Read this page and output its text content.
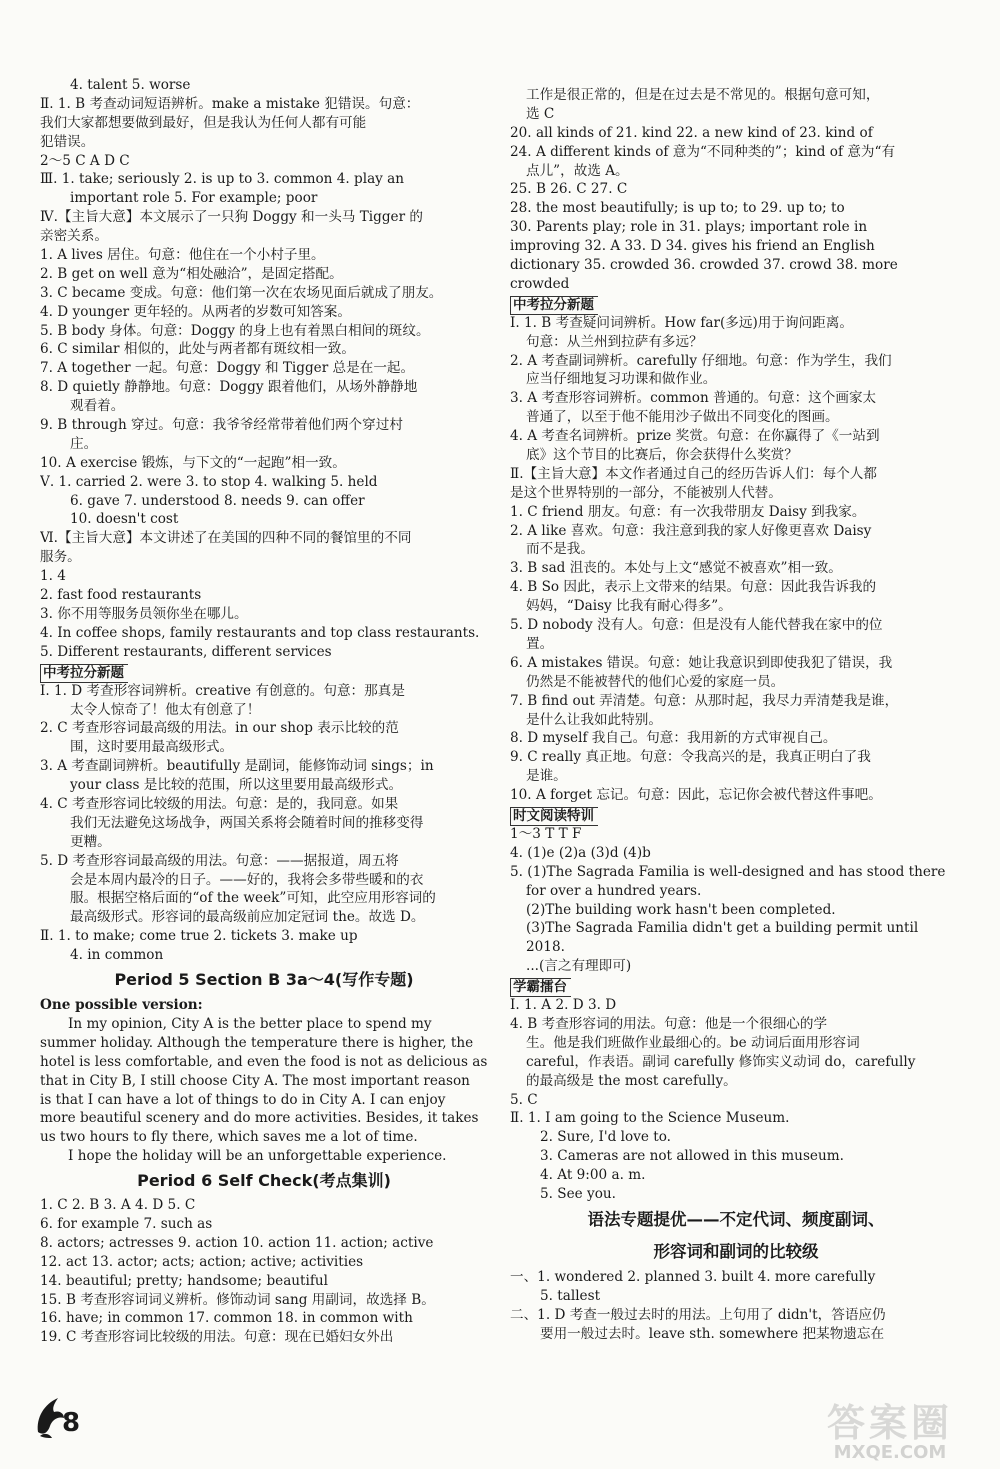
4. talent 5. worse
Ⅱ. 1. B 考查动词短语辨析。make a mistake 犯错误。句意：
我们大家都想要做到最好，但是我认为任何人都有可能
犯错误。
2～5 C A D C
Ⅲ. 1. take; seriously 2. is up to 3. common 4. play an
important role 5. For example; poor
Ⅳ.【主旨大意】本文展示了一只狗 Doggy 和一头马 Tigger 的
亲密关系。
1. A lives 居住。句意：他住在一个小村子里。
2. B get on well 意为“相处融洽”，是固定搭配。
3. C became 变成。句意：他们第一次在农场见面后就成了朋友。
4. D younger 更年轻的。从两者的岁数可知答案。
5. B body 身体。句意：Doggy 的身上也有着黑白相间的斑纹。
6. C similar 相似的，此处与两者都有斑纹相一致。
7. A together 一起。句意：Doggy 和 Tigger 总是在一起。
8. D quietly 静静地。句意：Doggy 跟着他们，从场外静静地
观看着。
9. B through 穿过。句意：我爷爷经常带着他们两个穿过村
庄。
10. A exercise 锻炼，与下文的“一起跑”相一致。
Ⅴ. 1. carried 2. were 3. to stop 4. walking 5. held
6. gave 7. understood 8. needs 9. can offer
10. doesn't cost
Ⅵ.【主旨大意】本文讲述了在美国的四种不同的餐馆里的不同
服务。
1. 4
2. fast food restaurants
3. 你不用等服务员领你坐在哪儿。
4. In coffee shops, family restaurants and top class restaurants.
5. Different restaurants, different services
中考拉分新题
Ⅰ. 1. D 考查形容词辨析。creative 有创意的。句意：那真是
太令人惊奇了！他太有创意了！
2. C 考查形容词最高级的用法。in our shop 表示比较的范
围，这时要用最高级形式。
3. A 考查副词辨析。beautifully 是副词，能修饰动词 sings；in
your class 是比较的范围，所以这里要用最高级形式。
4. C 考查形容词比较级的用法。句意：是的，我同意。如果
我们无法避免这场战争，两国关系将会随着时间的推移变得
更糟。
5. D 考查形容词最高级的用法。句意：——据报道，周五将
会是本周内最冷的日子。——好的，我将会多带些暖和的衣
服。根据空格后面的“of the week”可知，此空应用形容词的
最高级形式。形容词的最高级前应加定冠词 the。故选 D。
Ⅱ. 1. to make; come true 2. tickets 3. make up
4. in common
Period 5 Section B 3a～4(写作专题)
One possible version:
In my opinion, City A is the better place to spend my
summer holiday. Although the temperature there is higher, the
hotel is less comfortable, and even the food is not as delicious as
that in City B, I still choose City A. The most important reason
is that I can have a lot of things to do in City A. I can enjoy
more beautiful scenery and do more activities. Besides, it takes
us two hours to fly there, which saves me a lot of time.
I hope the holiday will be an unforgettable experience.
Period 6 Self Check(考点集训)
1. C 2. B 3. A 4. D 5. C
6. for example 7. such as
8. actors; actresses 9. action 10. action 11. action; active
12. act 13. actor; acts; action; active; activities
14. beautiful; pretty; handsome; beautiful
15. B 考查形容词词义辨析。修饰动词 sang 用副词，故选择 B。
16. have; in common 17. common 18. in common with
19. C 考查形容词比较级的用法。句意：现在已婚妇女外出
工作是很正常的，但是在过去是不常见的。根据句意可知，
选 C
20. all kinds of 21. kind 22. a new kind of 23. kind of
24. A different kinds of 意为“不同种类的”；kind of 意为“有
点儿”，故选 A。
25. B 26. C 27. C
28. the most beautifully; is up to; to 29. up to; to
30. Parents play; role in 31. plays; important role in
improving 32. A 33. D 34. gives his friend an English
dictionary 35. crowded 36. crowded 37. crowd 38. more
crowded
中考拉分新题
Ⅰ. 1. B 考查疑问词辨析。How far(多远)用于询问距离。
句意：从兰州到拉萨有多远？
2. A 考查副词辨析。carefully 仔细地。句意：作为学生，我们
应当仔细地复习功课和做作业。
3. A 考查形容词辨析。common 普通的。句意：这个画家太
普通了，以至于他不能用沙子做出不同变化的图画。
4. A 考查名词辨析。prize 奖赏。句意：在你赢得了《一站到
底》这个节目的比赛后，你会获得什么奖赏？
Ⅱ.【主旨大意】本文作者通过自己的经历告诉人们：每个人都
是这个世界特别的一部分，不能被别人代替。
1. C friend 朋友。句意：有一次我带朋友 Daisy 到我家。
2. A like 喜欢。句意：我注意到我的家人好像更喜欢 Daisy
而不是我。
3. B sad 沮丧的。本处与上文“感觉不被喜欢”相一致。
4. B So 因此，表示上文带来的结果。句意：因此我告诉我的
妈妈，“Daisy 比我有耐心得多”。
5. D nobody 没有人。句意：但是没有人能代替我在家中的位
置。
6. A mistakes 错误。句意：她让我意识到即使我犯了错误，我
仍然是不能被替代的他们心爱的家庭一员。
7. B find out 弄清楚。句意：从那时起，我尽力弄清楚我是谁，
是什么让我如此特别。
8. D myself 我自己。句意：我用新的方式审视自己。
9. C really 真正地。句意：令我高兴的是，我真正明白了我
是谁。
10. A forget 忘记。句意：因此，忘记你会被代替这件事吧。
时文阅读特训
1～3 T T F
4. (1)e (2)a (3)d (4)b
5. (1)The Sagrada Familia is well-designed and has stood there
for over a hundred years.
(2)The building work hasn't been completed.
(3)The Sagrada Familia didn't get a building permit until
2018.
...(言之有理即可)
学霸擂台
Ⅰ. 1. A 2. D 3. D
4. B 考查形容词的用法。句意：他是一个很细心的学
生。他是我们班做作业最细心的。be 动词后面用形容词
careful，作表语。副词 carefully 修饰实义动词 do，carefully
的最高级是 the most carefully。
5. C
Ⅱ. 1. I am going to the Science Museum.
2. Sure, I'd love to.
3. Cameras are not allowed in this museum.
4. At 9:00 a. m.
5. See you.
语法专题提优——不定代词、频度副词、
形容词和副词的比较级
一、1. wondered 2. planned 3. built 4. more carefully
5. tallest
二、1. D 考查一般过去时的用法。上句用了 didn't，答语应仍
要用一般过去时。leave sth. somewhere 把某物遗忘在
8	答案圈
MXQE.COM
